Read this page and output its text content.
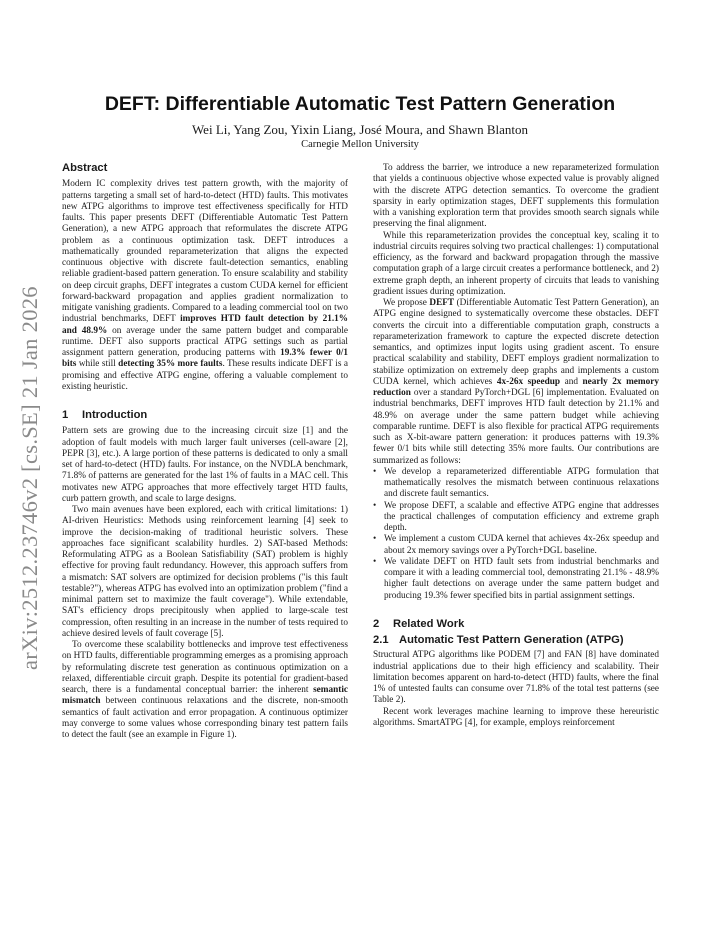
arXiv:2512.23746v2 [cs.SE] 21 Jan 2026
DEFT: Differentiable Automatic Test Pattern Generation
Wei Li, Yang Zou, Yixin Liang, José Moura, and Shawn Blanton
Carnegie Mellon University
Abstract

Modern IC complexity drives test pattern growth, with the majority of patterns targeting a small set of hard-to-detect (HTD) faults. This motivates new ATPG algorithms to improve test effectiveness specifically for HTD faults. This paper presents DEFT (Differentiable Automatic Test Pattern Generation), a new ATPG approach that reformulates the discrete ATPG problem as a continuous optimization task. DEFT introduces a mathematically grounded reparameterization that aligns the expected continuous objective with discrete fault-detection semantics, enabling reliable gradient-based pattern generation. To ensure scalability and stability on deep circuit graphs, DEFT integrates a custom CUDA kernel for efficient forward-backward propagation and applies gradient normalization to mitigate vanishing gradients. Compared to a leading commercial tool on two industrial benchmarks, DEFT improves HTD fault detection by 21.1% and 48.9% on average under the same pattern budget and comparable runtime. DEFT also supports practical ATPG settings such as partial assignment pattern generation, producing patterns with 19.3% fewer 0/1 bits while still detecting 35% more faults. These results indicate DEFT is a promising and effective ATPG engine, offering a valuable complement to existing heuristic.

1 Introduction

Pattern sets are growing due to the increasing circuit size [1] and the adoption of fault models with much larger fault universes (cell-aware [2], PEPR [3], etc.). A large portion of these patterns is dedicated to only a small set of hard-to-detect (HTD) faults. For instance, on the NVDLA benchmark, 71.8% of patterns are generated for the last 1% of faults in a MAC cell. This motivates new ATPG approaches that more effectively target HTD faults, curb pattern growth, and scale to large designs.

Two main avenues have been explored, each with critical limitations: 1) AI-driven Heuristics: Methods using reinforcement learning [4] seek to improve the decision-making of traditional heuristic solvers. These approaches face significant scalability hurdles. 2) SAT-based Methods: Reformulating ATPG as a Boolean Satisfiability (SAT) problem is highly effective for proving fault redundancy. However, this approach suffers from a mismatch: SAT solvers are optimized for decision problems ("is this fault testable?"), whereas ATPG has evolved into an optimization problem ("find a minimal pattern set to maximize the fault coverage"). While extendable, SAT's efficiency drops precipitously when applied to large-scale test compression, often resulting in an increase in the number of tests required to achieve desired levels of fault coverage [5].

To overcome these scalability bottlenecks and improve test effectiveness on HTD faults, differentiable programming emerges as a promising approach by reformulating discrete test generation as continuous optimization on a relaxed, differentiable circuit graph. Despite its potential for gradient-based search, there is a fundamental conceptual barrier: the inherent semantic mismatch between continuous relaxations and the discrete, non-smooth semantics of fault activation and error propagation. A continuous optimizer may converge to some values whose corresponding binary test pattern fails to detect the fault (see an example in Figure 1).

To address the barrier, we introduce a new reparameterized formulation that yields a continuous objective whose expected value is provably aligned with the discrete ATPG detection semantics. To overcome the gradient sparsity in early optimization stages, DEFT supplements this formulation with a vanishing exploration term that provides smooth search signals while preserving the final alignment.

While this reparameterization provides the conceptual key, scaling it to industrial circuits requires solving two practical challenges: 1) computational efficiency, as the forward and backward propagation through the massive computation graph of a large circuit creates a performance bottleneck, and 2) extreme graph depth, an inherent property of circuits that leads to vanishing gradient issues during optimization.

We propose DEFT (Differentiable Automatic Test Pattern Generation), an ATPG engine designed to systematically overcome these obstacles. DEFT converts the circuit into a differentiable computation graph, constructs a reparameterization framework to capture the expected discrete detection semantics, and optimizes input logits using gradient ascent. To ensure practical scalability and stability, DEFT employs gradient normalization to stabilize optimization on extremely deep graphs and implements a custom CUDA kernel, which achieves 4x-26x speedup and nearly 2x memory reduction over a standard PyTorch+DGL [6] implementation. Evaluated on industrial benchmarks, DEFT improves HTD fault detection by 21.1% and 48.9% on average under the same pattern budget while achieving comparable runtime. DEFT is also flexible for practical ATPG requirements such as X-bit-aware pattern generation: it produces patterns with 19.3% fewer 0/1 bits while still detecting 35% more faults. Our contributions are summarized as follows:

• We develop a reparameterized differentiable ATPG formulation that mathematically resolves the mismatch between continuous relaxations and discrete fault semantics.
• We propose DEFT, a scalable and effective ATPG engine that addresses the practical challenges of computation efficiency and extreme graph depth.
• We implement a custom CUDA kernel that achieves 4x-26x speedup and about 2x memory savings over a PyTorch+DGL baseline.
• We validate DEFT on HTD fault sets from industrial benchmarks and compare it with a leading commercial tool, demonstrating 21.1% - 48.9% higher fault detections on average under the same pattern budget and producing 19.3% fewer specified bits in partial assignment settings.
2 Related Work
2.1 Automatic Test Pattern Generation (ATPG)

Structural ATPG algorithms like PODEM [7] and FAN [8] have dominated industrial applications due to their high efficiency and scalability. Their limitation becomes apparent on hard-to-detect (HTD) faults, where the final 1% of untested faults can consume over 71.8% of the total test patterns (see Table 2).

Recent work leverages machine learning to improve these hereuristic algorithms. SmartATPG [4], for example, employs reinforcement
